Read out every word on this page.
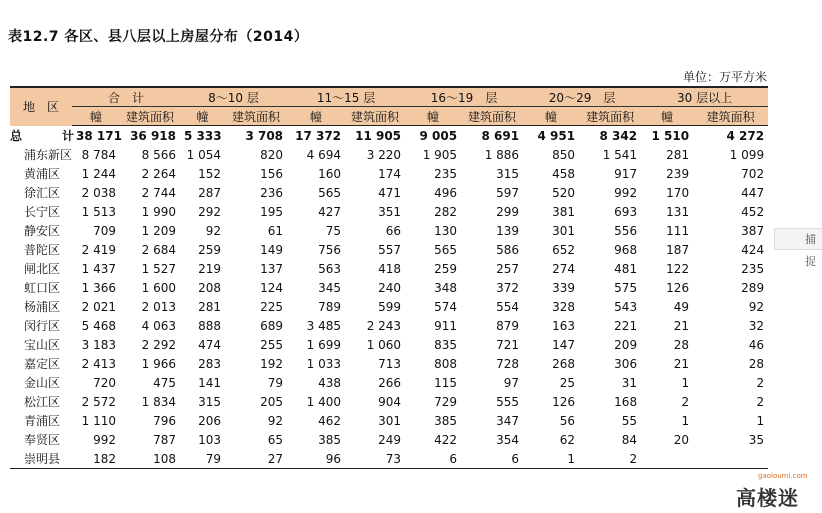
表12.7 各区、县八层以上房屋分布（2014）
单位：万平方米
地　区	合　计		8～10 层		11～15 层		16～19　层		20～29　层		30 层以上	
	幢	建筑面积	幢	建筑面积	幢	建筑面积	幢	建筑面积	幢	建筑面积	幢	建筑面积
总　计	38 171	36 918	5 333	3 708	17 372	11 905	9 005	8 691	4 951	8 342	1 510	4 272
浦东新区	8 784	8 566	1 054	820	4 694	3 220	1 905	1 886	850	1 541	281	1 099
黄浦区	1 244	2 264	152	156	160	174	235	315	458	917	239	702
徐汇区	2 038	2 744	287	236	565	471	496	597	520	992	170	447
长宁区	1 513	1 990	292	195	427	351	282	299	381	693	131	452
静安区	709	1 209	92	61	75	66	130	139	301	556	111	387
普陀区	2 419	2 684	259	149	756	557	565	586	652	968	187	424
闸北区	1 437	1 527	219	137	563	418	259	257	274	481	122	235
虹口区	1 366	1 600	208	124	345	240	348	372	339	575	126	289
杨浦区	2 021	2 013	281	225	789	599	574	554	328	543	49	92
闵行区	5 468	4 063	888	689	3 485	2 243	911	879	163	221	21	32
宝山区	3 183	2 292	474	255	1 699	1 060	835	721	147	209	28	46
嘉定区	2 413	1 966	283	192	1 033	713	808	728	268	306	21	28
金山区	720	475	141	79	438	266	115	97	25	31	1	2
松江区	2 572	1 834	315	205	1 400	904	729	555	126	168	2	2
青浦区	1 110	796	206	92	462	301	385	347	56	55	1	1
奉贤区	992	787	103	65	385	249	422	354	62	84	20	35
崇明县	182	108	79	27	96	73	6	6	1	2		
捕捉
高楼迷
gaoloumi.com
